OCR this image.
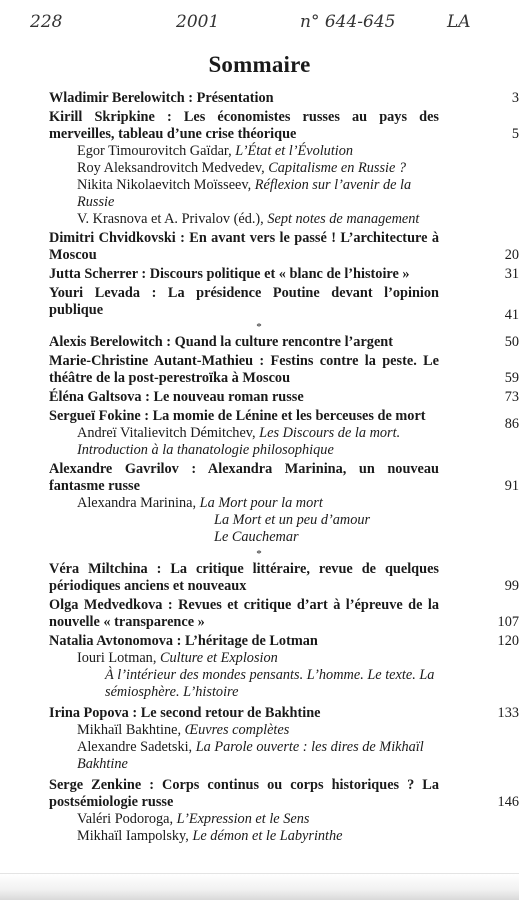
228	2001	n° 644-645	LA
Sommaire
Wladimir Berelowitch : Présentation	3
Kirill Skripkine : Les économistes russes au pays des merveilles, tableau d’une crise théorique	5
Egor Timourovitch Gaïdar, L’État et l’Évolution
Roy Aleksandrovitch Medvedev, Capitalisme en Russie ?
Nikita Nikolaevitch Moïsseev, Réflexion sur l’avenir de la Russie
V. Krasnova et A. Privalov (éd.), Sept notes de management
Dimitri Chvidkovski : En avant vers le passé ! L’architecture à Moscou	20
Jutta Scherrer : Discours politique et « blanc de l’histoire »	31
Youri Levada : La présidence Poutine devant l’opinion publique	41
*
Alexis Berelowitch : Quand la culture rencontre l’argent	50
Marie-Christine Autant-Mathieu : Festins contre la peste. Le théâtre de la post-perestroïka à Moscou	59
Éléna Galtsova : Le nouveau roman russe	73
Sergueï Fokine : La momie de Lénine et les berceuses de mort	86
Andreï Vitalievitch Démitchev, Les Discours de la mort. Introduction à la thanatologie philosophique
Alexandre Gavrilov : Alexandra Marinina, un nouveau fantasme russe	91
Alexandra Marinina, La Mort pour la mort
La Mort et un peu d’amour
Le Cauchemar
*
Véra Miltchina : La critique littéraire, revue de quelques périodiques anciens et nouveaux	99
Olga Medvedkova : Revues et critique d’art à l’épreuve de la nouvelle « transparence »	107
Natalia Avtonomova : L’héritage de Lotman	120
Iouri Lotman, Culture et Explosion
À l’intérieur des mondes pensants. L’homme. Le texte. La sémiosphère. L’histoire
Irina Popova : Le second retour de Bakhtine	133
Mikhaïl Bakhtine, Œuvres complètes
Alexandre Sadetski, La Parole ouverte : les dires de Mikhaïl Bakhtine
Serge Zenkine : Corps continus ou corps historiques ? La postsémiologie russe	146
Valéri Podoroga, L’Expression et le Sens
Mikhaïl Iampolsky, Le démon et le Labyrinthe
